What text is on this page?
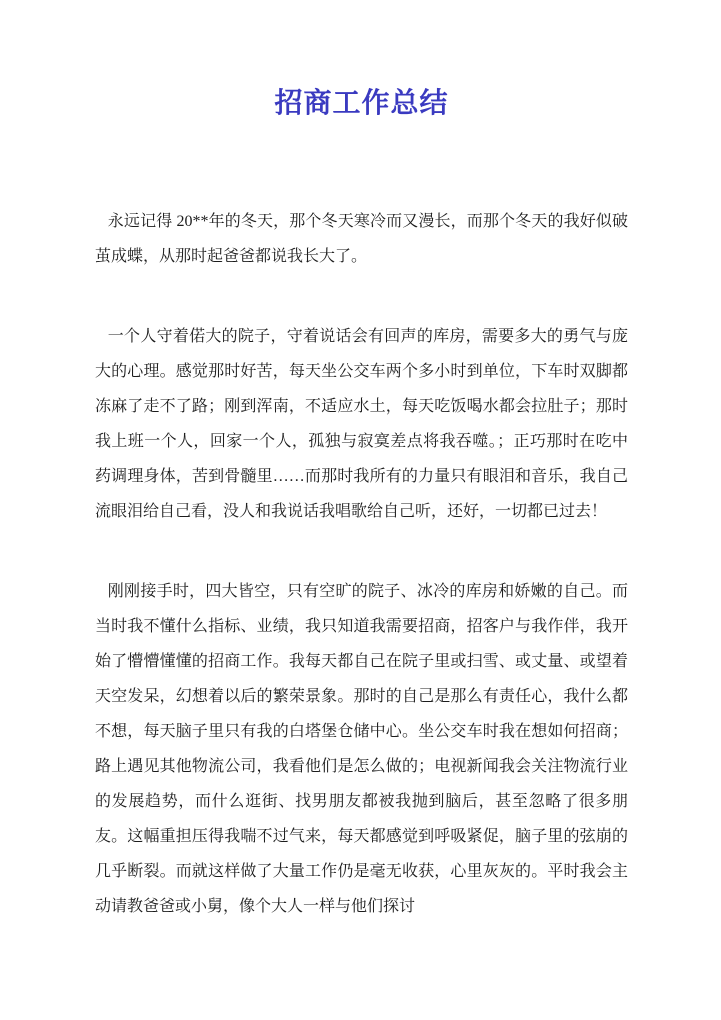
招商工作总结

永远记得 20**年的冬天，那个冬天寒冷而又漫长，而那个冬天的我好似破茧成蝶，从那时起爸爸都说我长大了。

一个人守着偌大的院子，守着说话会有回声的库房，需要多大的勇气与庞大的心理。感觉那时好苦，每天坐公交车两个多小时到单位，下车时双脚都冻麻了走不了路；刚到浑南，不适应水土，每天吃饭喝水都会拉肚子；那时我上班一个人，回家一个人，孤独与寂寞差点将我吞噬。；正巧那时在吃中药调理身体，苦到骨髓里……而那时我所有的力量只有眼泪和音乐，我自己流眼泪给自己看，没人和我说话我唱歌给自己听，还好，一切都已过去！

刚刚接手时，四大皆空，只有空旷的院子、冰冷的库房和娇嫩的自己。而当时我不懂什么指标、业绩，我只知道我需要招商，招客户与我作伴，我开始了懵懵懂懂的招商工作。我每天都自己在院子里或扫雪、或丈量、或望着天空发呆，幻想着以后的繁荣景象。那时的自己是那么有责任心，我什么都不想，每天脑子里只有我的白塔堡仓储中心。坐公交车时我在想如何招商；路上遇见其他物流公司，我看他们是怎么做的；电视新闻我会关注物流行业的发展趋势，而什么逛街、找男朋友都被我抛到脑后，甚至忽略了很多朋友。这幅重担压得我喘不过气来，每天都感觉到呼吸紧促，脑子里的弦崩的几乎断裂。而就这样做了大量工作仍是毫无收获，心里灰灰的。平时我会主动请教爸爸或小舅，像个大人一样与他们探讨
